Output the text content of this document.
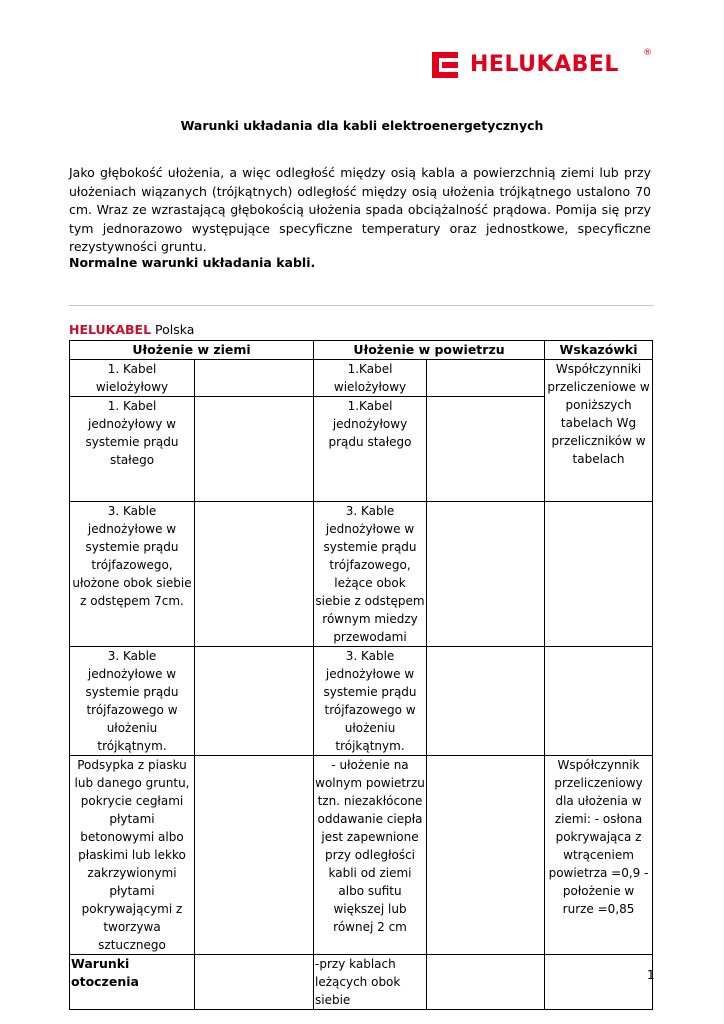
HELUKABEL	®
Warunki układania dla kabli elektroenergetycznych
Jako głębokość ułożenia, a więc odległość między osią kabla a powierzchnią ziemi lub przy ułożeniach wiązanych (trójkątnych) odległość między osią ułożenia trójkątnego ustalono 70 cm. Wraz ze wzrastającą głębokością ułożenia spada obciążalność prądowa. Pomija się przy tym jednorazowo występujące specyficzne temperatury oraz jednostkowe, specyficzne rezystywności gruntu.
Normalne warunki układania kabli.
HELUKABEL Polska
Ułożenie w ziemi		Ułożenie w powietrzu		Wskazówki
1. Kabel wielożyłowy		1.Kabel wielożyłowy		Współczynniki przeliczeniowe w poniższych tabelach Wg przeliczników w tabelach
1. Kabel jednożyłowy w systemie prądu stałego		1.Kabel jednożyłowy prądu stałego		
3. Kable jednożyłowe w systemie prądu trójfazowego, ułożone obok siebie z odstępem 7cm.		3. Kable jednożyłowe w systemie prądu trójfazowego, leżące obok siebie z odstępem równym miedzy przewodami		
3. Kable jednożyłowe w systemie prądu trójfazowego w ułożeniu trójkątnym.		3. Kable jednożyłowe w systemie prądu trójfazowego w ułożeniu trójkątnym.		
Podsypka z piasku lub danego gruntu, pokrycie cegłami płytami betonowymi albo płaskimi lub lekko zakrzywionymi płytami pokrywającymi z tworzywa sztucznego		- ułożenie na wolnym powietrzu tzn. niezakłócone oddawanie ciepła jest zapewnione przy odległości kabli od ziemi albo sufitu większej lub równej 2 cm		Współczynnik przeliczeniowy dla ułożenia w ziemi: - osłona pokrywająca z wtrąceniem powietrza =0,9 - położenie w rurze =0,85
Warunki otoczenia		-przy kablach leżących obok siebie		
1
